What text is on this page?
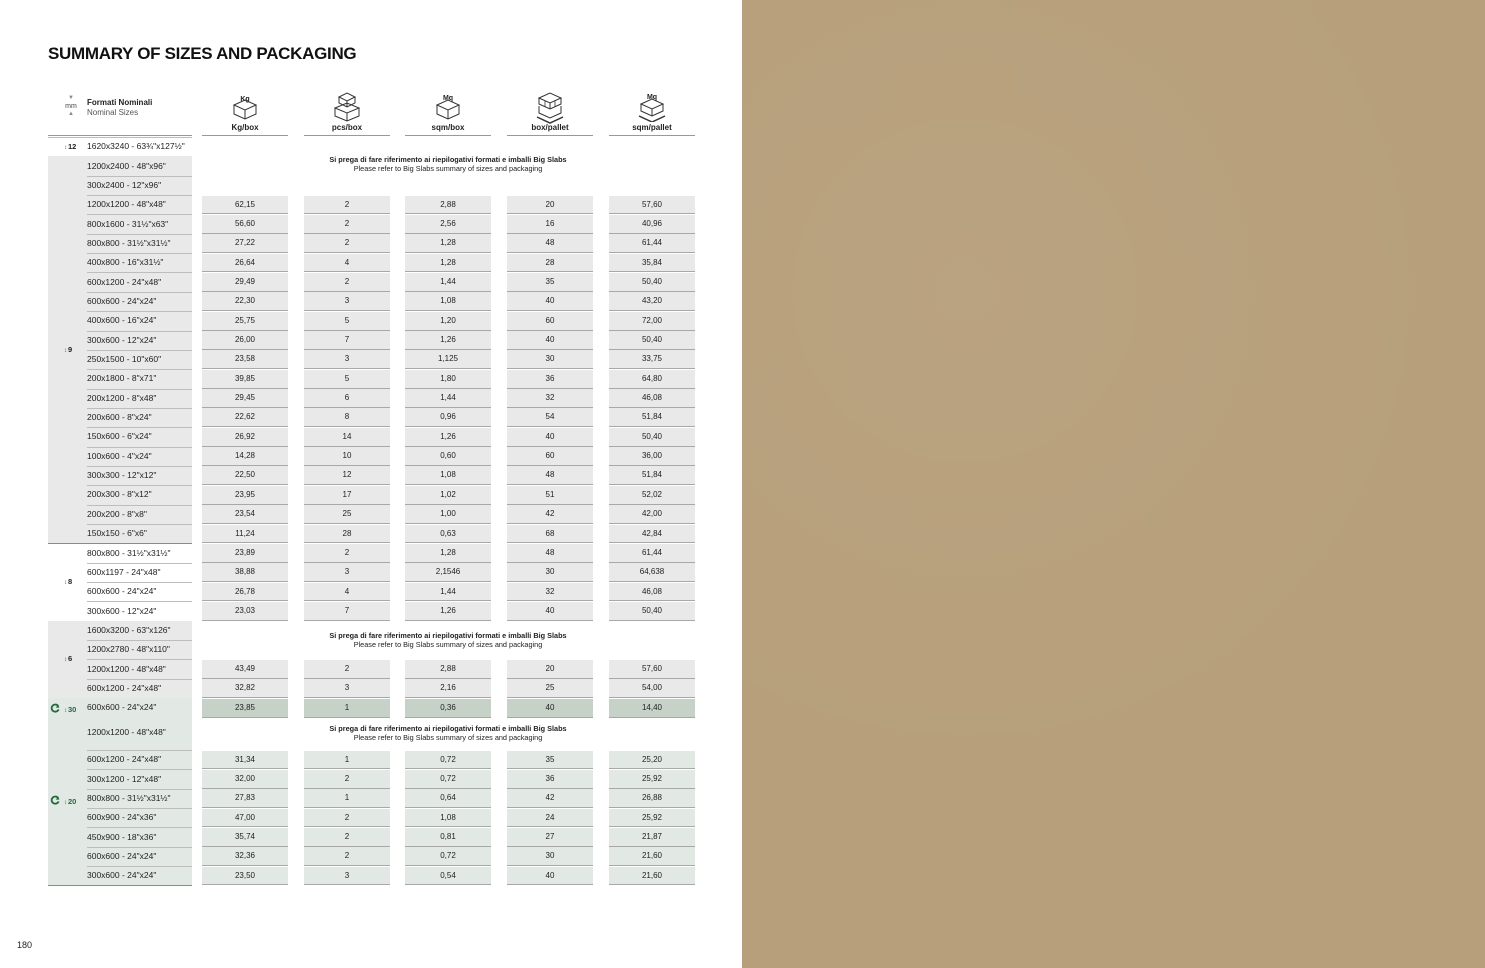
SUMMARY OF SIZES AND PACKAGING
▼
mm
▲
Formati Nominali
Nominal Sizes
Kg
Kg/box	pcs/box
Mq
sqm/box	box/pallet
Mq
sqm/pallet
↕12 1620x3240 - 63¾"x127½"
↕9
1200x2400 - 48"x96"
300x2400 - 12"x96"
Si prega di fare riferimento ai riepilogativi formati e imballi Big Slabs
Please refer to Big Slabs summary of sizes and packaging
1200x1200 - 48"x48"	62,15	2	2,88	20	57,60
800x1600 - 31½"x63"	56,60	2	2,56	16	40,96
800x800 - 31½"x31½"	27,22	2	1,28	48	61,44
400x800 - 16"x31½"	26,64	4	1,28	28	35,84
600x1200 - 24"x48"	29,49	2	1,44	35	50,40
600x600 - 24"x24"	22,30	3	1,08	40	43,20
400x600 - 16"x24"	25,75	5	1,20	60	72,00
300x600 - 12"x24"	26,00	7	1,26	40	50,40
250x1500 - 10"x60"	23,58	3	1,125	30	33,75
200x1800 - 8"x71"	39,85	5	1,80	36	64,80
200x1200 - 8"x48"	29,45	6	1,44	32	46,08
200x600 - 8"x24"	22,62	8	0,96	54	51,84
150x600 - 6"x24"	26,92	14	1,26	40	50,40
100x600 - 4"x24"	14,28	10	0,60	60	36,00
300x300 - 12"x12"	22,50	12	1,08	48	51,84
200x300 - 8"x12"	23,95	17	1,02	51	52,02
200x200 - 8"x8"	23,54	25	1,00	42	42,00
150x150 - 6"x6"	11,24	28	0,63	68	42,84
↕8
800x800 - 31½"x31½"	23,89	2	1,28	48	61,44
600x1197 - 24"x48"	38,88	3	2,1546	30	64,638
600x600 - 24"x24"	26,78	4	1,44	32	46,08
300x600 - 12"x24"	23,03	7	1,26	40	50,40
↕6
1600x3200 - 63"x126"
1200x2780 - 48"x110"
Si prega di fare riferimento ai riepilogativi formati e imballi Big Slabs
Please refer to Big Slabs summary of sizes and packaging
1200x1200 - 48"x48"	43,49	2	2,88	20	57,60
600x1200 - 24"x48"	32,82	3	2,16	25	54,00
↕30 600x600 - 24"x24"	23,85	1	0,36	40	14,40
↕20
1200x1200 - 48"x48"	Si prega di fare riferimento ai riepilogativi formati e imballi Big Slabs
Please refer to Big Slabs summary of sizes and packaging
600x1200 - 24"x48"	31,34	1	0,72	35	25,20
300x1200 - 12"x48"	32,00	2	0,72	36	25,92
800x800 - 31½"x31½"	27,83	1	0,64	42	26,88
600x900 - 24"x36"	47,00	2	1,08	24	25,92
450x900 - 18"x36"	35,74	2	0,81	27	21,87
600x600 - 24"x24"	32,36	2	0,72	30	21,60
300x600 - 24"x24"	23,50	3	0,54	40	21,60
180
